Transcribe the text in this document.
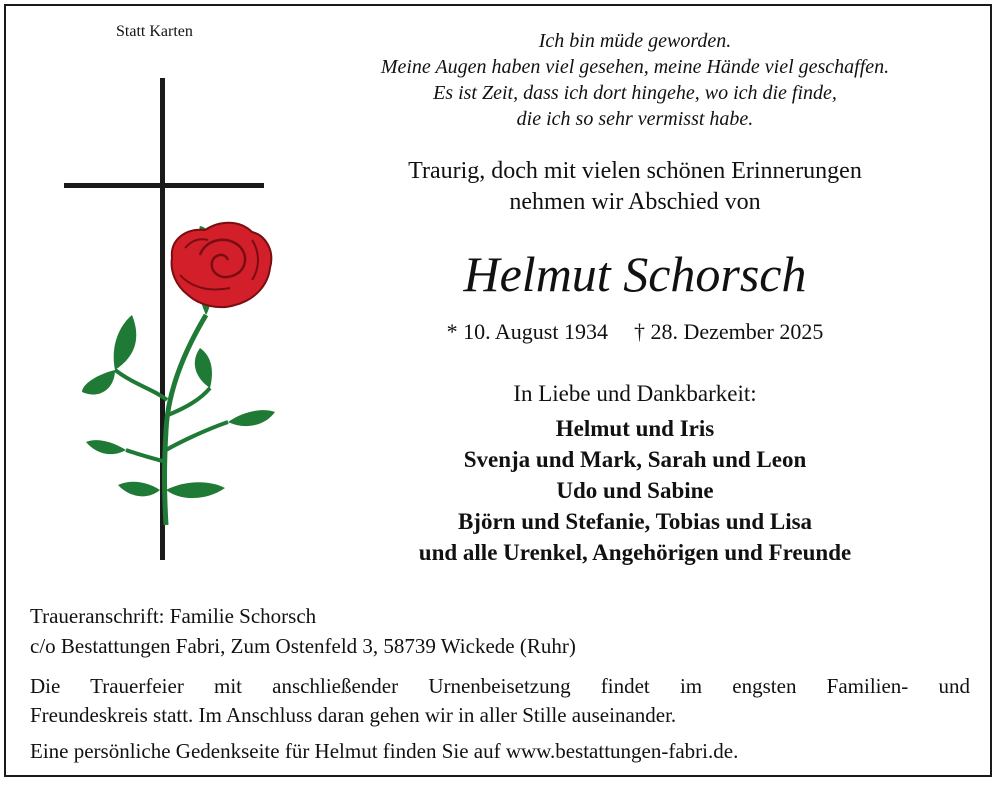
Statt Karten	Ich bin müde geworden.
Meine Augen haben viel gesehen, meine Hände viel geschaffen.
Es ist Zeit, dass ich dort hingehe, wo ich die finde,
die ich so sehr vermisst habe.
Traurig, doch mit vielen schönen Erinnerungen
nehmen wir Abschied von
Helmut Schorsch
* 10. August 1934 † 28. Dezember 2025
In Liebe und Dankbarkeit:
Helmut und Iris
Svenja und Mark, Sarah und Leon
Udo und Sabine
Björn und Stefanie, Tobias und Lisa
und alle Urenkel, Angehörigen und Freunde
Traueranschrift: Familie Schorsch
c/o Bestattungen Fabri, Zum Ostenfeld 3, 58739 Wickede (Ruhr)
Die Trauerfeier mit anschließender Urnenbeisetzung findet im engsten Familien- und
Freundeskreis statt. Im Anschluss daran gehen wir in aller Stille auseinander.
Eine persönliche Gedenkseite für Helmut finden Sie auf www.bestattungen-fabri.de.
